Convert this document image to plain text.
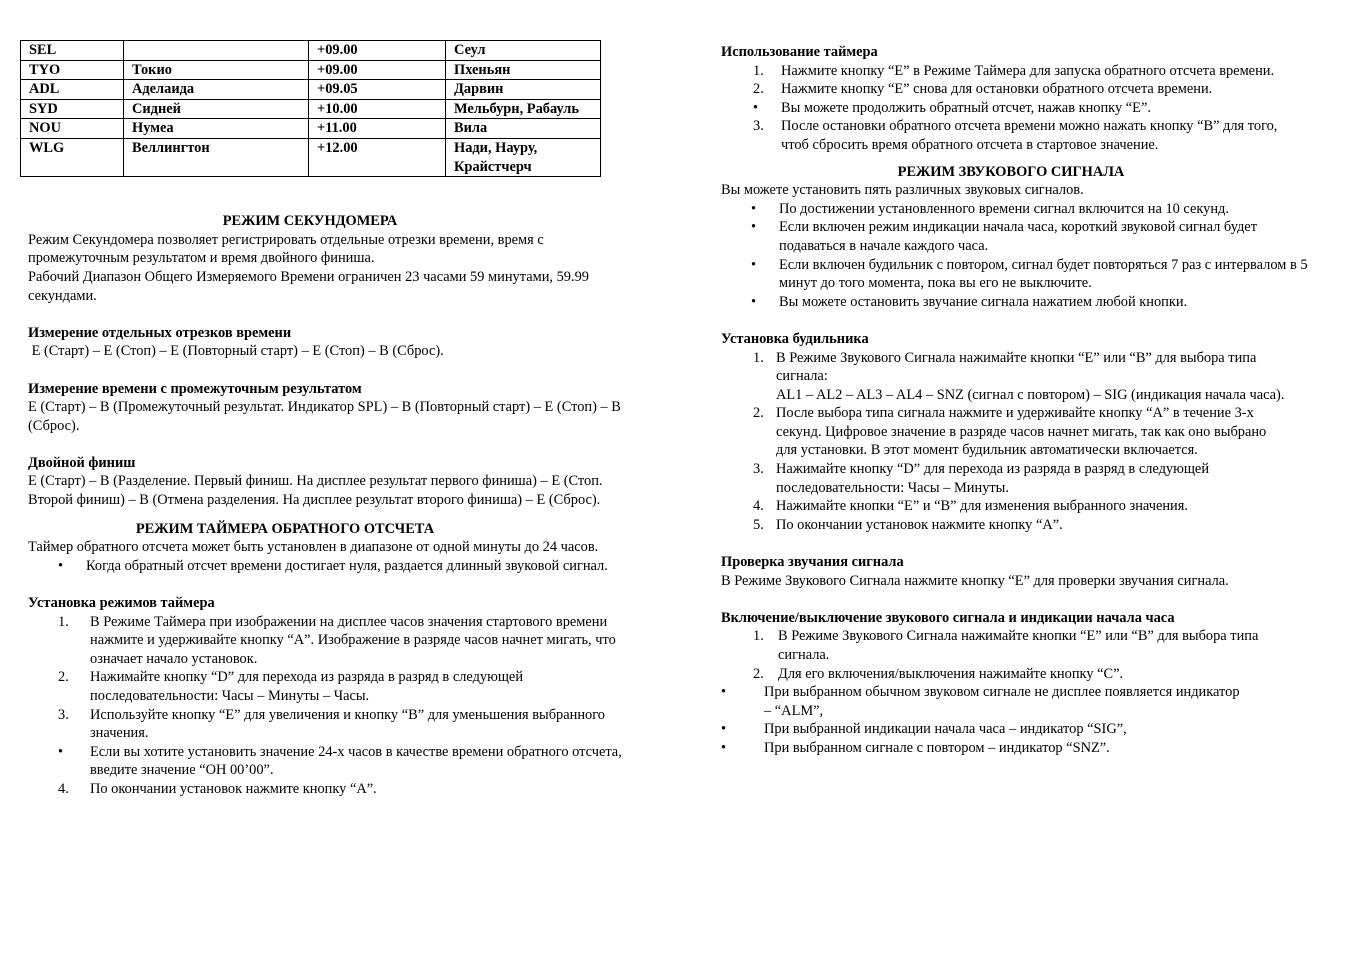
SEL		+09.00	Сеул
TYO	Токио	+09.00	Пхеньян
ADL	Аделаида	+09.05	Дарвин
SYD	Сидней	+10.00	Мельбурн, Рабауль
NOU	Нумеа	+11.00	Вила
WLG	Веллингтон	+12.00	Нади, Науру, Крайстчерч

РЕЖИМ СЕКУНДОМЕРА

Режим Секундомера позволяет регистрировать отдельные отрезки времени, время с промежуточным результатом и время двойного финиша.

Рабочий Диапазон Общего Измеряемого Времени ограничен 23 часами 59 минутами, 59.99 секундами.

Измерение отдельных отрезков времени

E (Старт) – E (Стоп) – E (Повторный старт) – E (Стоп) – B (Сброс).

Измерение времени с промежуточным результатом

E (Старт) – B (Промежуточный результат. Индикатор SPL) – B (Повторный старт) – E (Стоп) – B (Сброс).

Двойной финиш

E (Старт) – B (Разделение. Первый финиш. На дисплее результат первого финиша) – E (Стоп. Второй финиш) – B (Отмена разделения. На дисплее результат второго финиша) – E (Сброс).

РЕЖИМ ТАЙМЕРА ОБРАТНОГО ОТСЧЕТА

Таймер обратного отсчета может быть установлен в диапазоне от одной минуты до 24 часов.

•	Когда обратный отсчет времени достигает нуля, раздается длинный звуковой сигнал.

Установка режимов таймера

1.	В Режиме Таймера при изображении на дисплее часов значения стартового времени нажмите и удерживайте кнопку “A”. Изображение в разряде часов начнет мигать, что означает начало установок.
2.	Нажимайте кнопку “D” для перехода из разряда в разряд в следующей последовательности: Часы – Минуты – Часы.
3.	Используйте кнопку “E” для увеличения и кнопку “B” для уменьшения выбранного значения.
•	Если вы хотите установить значение 24-х часов в качестве времени обратного отсчета, введите значение “OH 00’00”.
4.	По окончании установок нажмите кнопку “A”.

Использование таймера

1.	Нажмите кнопку “E” в Режиме Таймера для запуска обратного отсчета времени.
2.	Нажмите кнопку “E” снова для остановки обратного отсчета времени.
•	Вы можете продолжить обратный отсчет, нажав кнопку “E”.
3.	После остановки обратного отсчета времени можно нажать кнопку “B” для того, чтоб сбросить время обратного отсчета в стартовое значение.

РЕЖИМ ЗВУКОВОГО СИГНАЛА

Вы можете установить пять различных звуковых сигналов.

•	По достижении установленного времени сигнал включится на 10 секунд.
•	Если включен режим индикации начала часа, короткий звуковой сигнал будет подаваться в начале каждого часа.
•	Если включен будильник с повтором, сигнал будет повторяться 7 раз с интервалом в 5 минут до того момента, пока вы его не выключите.
•	Вы можете остановить звучание сигнала нажатием любой кнопки.

Установка будильника

1. В Режиме Звукового Сигнала нажимайте кнопки “E” или “B” для выбора типа сигнала:
AL1 – AL2 – AL3 – AL4 – SNZ (сигнал с повтором) – SIG (индикация начала часа).
2. После выбора типа сигнала нажмите и удерживайте кнопку “A” в течение 3-х секунд. Цифровое значение в разряде часов начнет мигать, так как оно выбрано для установки. В этот момент будильник автоматически включается.
3. Нажимайте кнопку “D” для перехода из разряда в разряд в следующей последовательности: Часы – Минуты.
4. Нажимайте кнопки “E” и “B” для изменения выбранного значения.
5. По окончании установок нажмите кнопку “A”.

Проверка звучания сигнала

В Режиме Звукового Сигнала нажмите кнопку “E” для проверки звучания сигнала.

Включение/выключение звукового сигнала и индикации начала часа

1. В Режиме Звукового Сигнала нажимайте кнопки “E” или “B” для выбора типа сигнала.
2. Для его включения/выключения нажимайте кнопку “C”.
•	При выбранном обычном звуковом сигнале не дисплее появляется индикатор – “ALM”,
•	При выбранной индикации начала часа – индикатор “SIG”,
•	При выбранном сигнале с повтором – индикатор “SNZ”.
